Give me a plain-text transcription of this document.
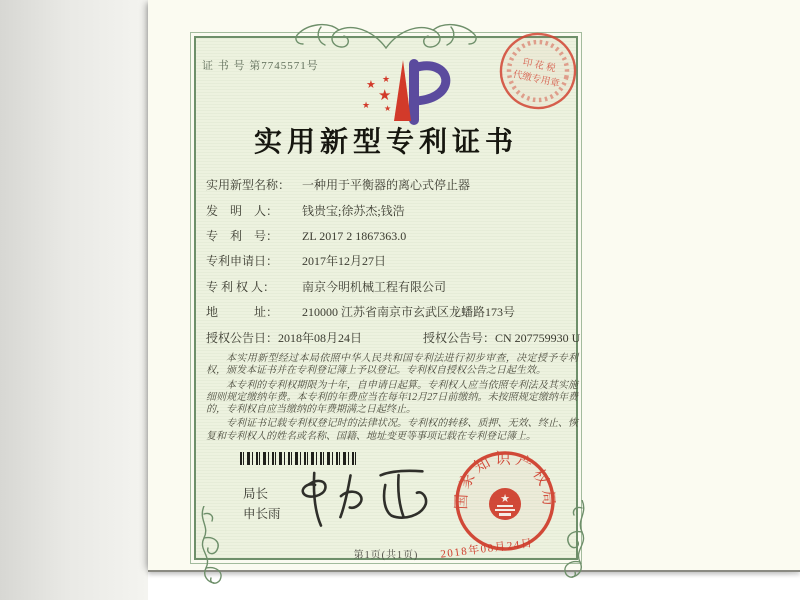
证 书 号 第7745571号
★
★ ★
★ ★
印 花 税
代缴专用章
实用新型专利证书
实用新型名称： 一种用于平衡器的离心式停止器
发　明　人： 钱贵宝;徐苏杰;钱浩
专　利　号： ZL 2017 2 1867363.0
专利申请日： 2017年12月27日
专 利 权 人： 南京今明机械工程有限公司
地　　　址： 210000 江苏省南京市玄武区龙蟠路173号
授权公告日：2018年08月24日	授权公告号：CN 207759930 U

本实用新型经过本局依照中华人民共和国专利法进行初步审查，决定授予专利权，颁发本证书并在专利登记簿上予以登记。专利权自授权公告之日起生效。

本专利的专利权期限为十年，自申请日起算。专利权人应当依照专利法及其实施细则规定缴纳年费。本专利的年费应当在每年12月27日前缴纳。未按照规定缴纳年费的，专利权自应当缴纳的年费期满之日起终止。

专利证书记载专利权登记时的法律状况。专利权的转移、质押、无效、终止、恢复和专利权人的姓名或名称、国籍、地址变更等事项记载在专利登记簿上。

局长
申长雨
国家知识产权局
★
2018年08月24日
第1页(共1页)
